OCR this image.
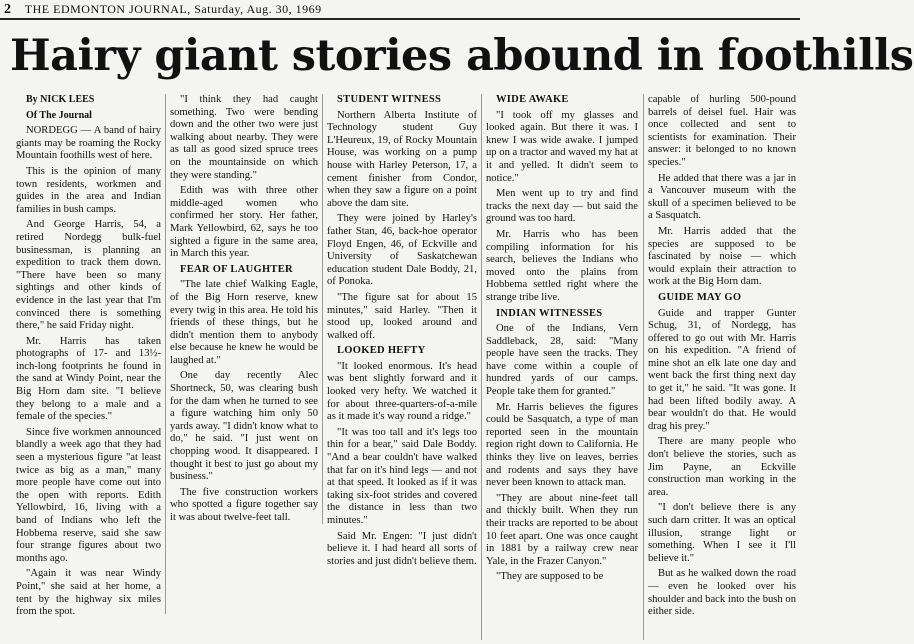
2 THE EDMONTON JOURNAL, Saturday, Aug. 30, 1969
Hairy giant stories abound in foothills

By NICK LEES

Of The Journal

NORDEGG — A band of hairy giants may be roaming the Rocky Mountain foothills west of here.

This is the opinion of many town residents, workmen and guides in the area and Indian families in bush camps.

And George Harris, 54, a retired Nordegg bulk-fuel businessman, is planning an expedition to track them down. "There have been so many sightings and other kinds of evidence in the last year that I'm convinced there is something there," he said Friday night.

Mr. Harris has taken photographs of 17- and 13½-inch-long footprints he found in the sand at Windy Point, near the Big Horn dam site. "I believe they belong to a male and a female of the species."

Since five workmen announced blandly a week ago that they had seen a mysterious figure "at least twice as big as a man," many more people have come out into the open with reports. Edith Yellowbird, 16, living with a band of Indians who left the Hobbema reserve, said she saw four strange figures about two months ago.

"Again it was near Windy Point," she said at her home, a tent by the highway six miles from the spot.

"I think they had caught something. Two were bending down and the other two were just walking about nearby. They were as tall as good sized spruce trees on the mountainside on which they were standing."

Edith was with three other middle-aged women who confirmed her story. Her father, Mark Yellowbird, 62, says he too sighted a figure in the same area, in March this year.

FEAR OF LAUGHTER

"The late chief Walking Eagle, of the Big Horn reserve, knew every twig in this area. He told his friends of these things, but he didn't mention them to anybody else because he knew he would be laughed at."

One day recently Alec Shortneck, 50, was clearing bush for the dam when he turned to see a figure watching him only 50 yards away. "I didn't know what to do," he said. "I just went on chopping wood. It disappeared. I thought it best to just go about my business."

The five construction workers who spotted a figure together say it was about twelve-feet tall.

STUDENT WITNESS

Northern Alberta Institute of Technology student Guy L'Heureux, 19, of Rocky Mountain House, was working on a pump house with Harley Peterson, 17, a cement finisher from Condor, when they saw a figure on a point above the dam site.

They were joined by Harley's father Stan, 46, back-hoe operator Floyd Engen, 46, of Eckville and University of Saskatchewan education student Dale Boddy, 21, of Ponoka.

"The figure sat for about 15 minutes," said Harley. "Then it stood up, looked around and walked off.

LOOKED HEFTY

"It looked enormous. It's head was bent slightly forward and it looked very hefty. We watched it for about three-quarters-of-a-mile as it made it's way round a ridge."

"It was too tall and it's legs too thin for a bear," said Dale Boddy. "And a bear couldn't have walked that far on it's hind legs — and not at that speed. It looked as if it was taking six-foot strides and covered the distance in less than two minutes."

Said Mr. Engen: "I just didn't believe it. I had heard all sorts of stories and just didn't believe them.

WIDE AWAKE

"I took off my glasses and looked again. But there it was. I knew I was wide awake. I jumped up on a tractor and waved my hat at it and yelled. It didn't seem to notice."

Men went up to try and find tracks the next day — but said the ground was too hard.

Mr. Harris who has been compiling information for his search, believes the Indians who moved onto the plains from Hobbema settled right where the strange tribe live.

INDIAN WITNESSES

One of the Indians, Vern Saddleback, 28, said: "Many people have seen the tracks. They have come within a couple of hundred yards of our camps. People take them for granted."

Mr. Harris believes the figures could be Sasquatch, a type of man reported seen in the mountain region right down to California. He thinks they live on leaves, berries and rodents and says they have never been known to attack man.

"They are about nine-feet tall and thickly built. When they run their tracks are reported to be about 10 feet apart. One was once caught in 1881 by a railway crew near Yale, in the Frazer Canyon."

"They are supposed to be

capable of hurling 500-pound barrels of deisel fuel. Hair was once collected and sent to scientists for examination. Their answer: it belonged to no known species."

He added that there was a jar in a Vancouver museum with the skull of a specimen believed to be a Sasquatch.

Mr. Harris added that the species are supposed to be fascinated by noise — which would explain their attraction to work at the Big Horn dam.

GUIDE MAY GO

Guide and trapper Gunter Schug, 31, of Nordegg, has offered to go out with Mr. Harris on his expedition. "A friend of mine shot an elk late one day and went back the first thing next day to get it," he said. "It was gone. It had been lifted bodily away. A bear wouldn't do that. He would drag his prey."

There are many people who don't believe the stories, such as Jim Payne, an Eckville construction man working in the area.

"I don't believe there is any such darn critter. It was an optical illusion, strange light or something. When I see it I'll believe it."

But as he walked down the road — even he looked over his shoulder and back into the bush on either side.
